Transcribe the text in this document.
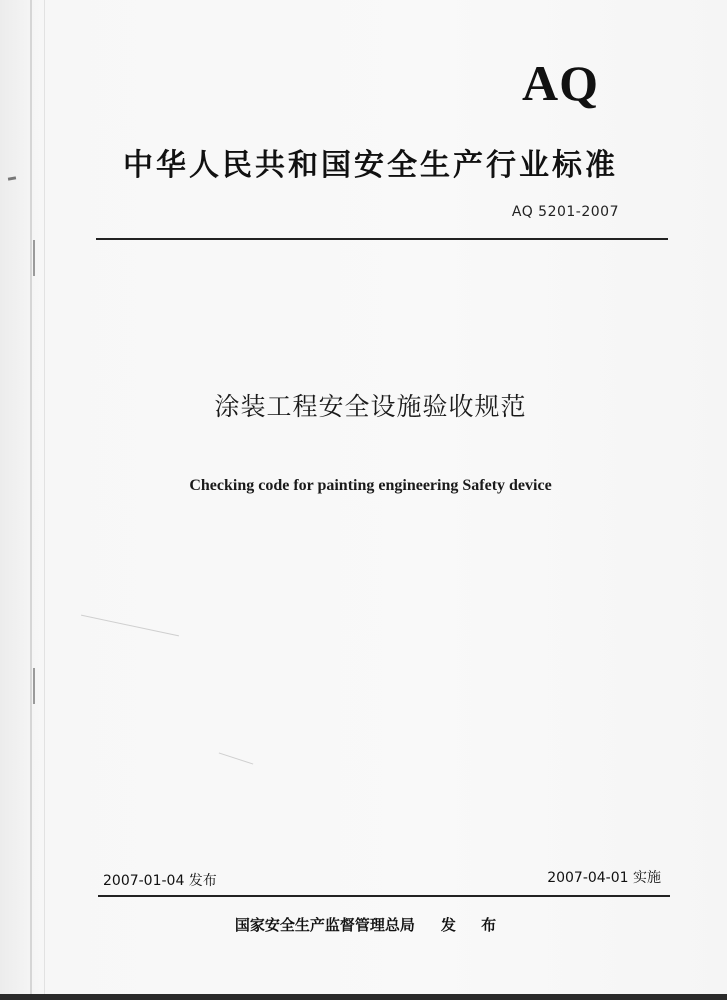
AQ
中华人民共和国安全生产行业标准
AQ 5201-2007
涂装工程安全设施验收规范
Checking code for painting engineering Safety device
2007-01-04 发布	2007-04-01 实施
国家安全生产监督管理总局 发 布
